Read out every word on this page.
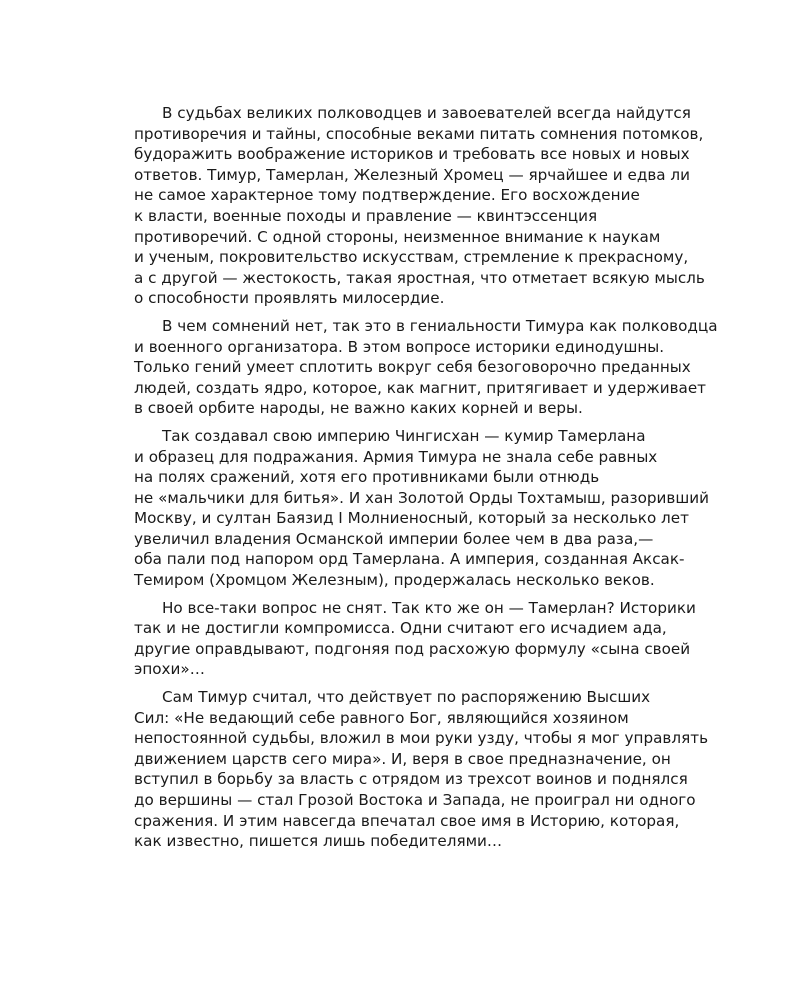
В судьбах великих полководцев и завоевателей всегда найдутся
противоречия и тайны, способные веками питать сомнения потомков,
будоражить воображение историков и требовать все новых и новых
ответов. Тимур, Тамерлан, Железный Хромец — ярчайшее и едва ли
не самое характерное тому подтверждение. Его восхождение
к власти, военные походы и правление — квинтэссенция
противоречий. С одной стороны, неизменное внимание к наукам
и ученым, покровительство искусствам, стремление к прекрасному,
а с другой — жестокость, такая яростная, что отметает всякую мысль
о способности проявлять милосердие.

В чем сомнений нет, так это в гениальности Тимура как полководца
и военного организатора. В этом вопросе историки единодушны.
Только гений умеет сплотить вокруг себя безоговорочно преданных
людей, создать ядро, которое, как магнит, притягивает и удерживает
в своей орбите народы, не важно каких корней и веры.

Так создавал свою империю Чингисхан — кумир Тамерлана
и образец для подражания. Армия Тимура не знала себе равных
на полях сражений, хотя его противниками были отнюдь
не «мальчики для битья». И хан Золотой Орды Тохтамыш, разоривший
Москву, и султан Баязид I Молниеносный, который за несколько лет
увеличил владения Османской империи более чем в два раза,—
оба пали под напором орд Тамерлана. А империя, созданная Аксак-
Темиром (Хромцом Железным), продержалась несколько веков.

Но все-таки вопрос не снят. Так кто же он — Тамерлан? Историки
так и не достигли компромисса. Одни считают его исчадием ада,
другие оправдывают, подгоняя под расхожую формулу «сына своей
эпохи»…

Сам Тимур считал, что действует по распоряжению Высших
Сил: «Не ведающий себе равного Бог, являющийся хозяином
непостоянной судьбы, вложил в мои руки узду, чтобы я мог управлять
движением царств сего мира». И, веря в свое предназначение, он
вступил в борьбу за власть с отрядом из трехсот воинов и поднялся
до вершины — стал Грозой Востока и Запада, не проиграл ни одного
сражения. И этим навсегда впечатал свое имя в Историю, которая,
как известно, пишется лишь победителями…
